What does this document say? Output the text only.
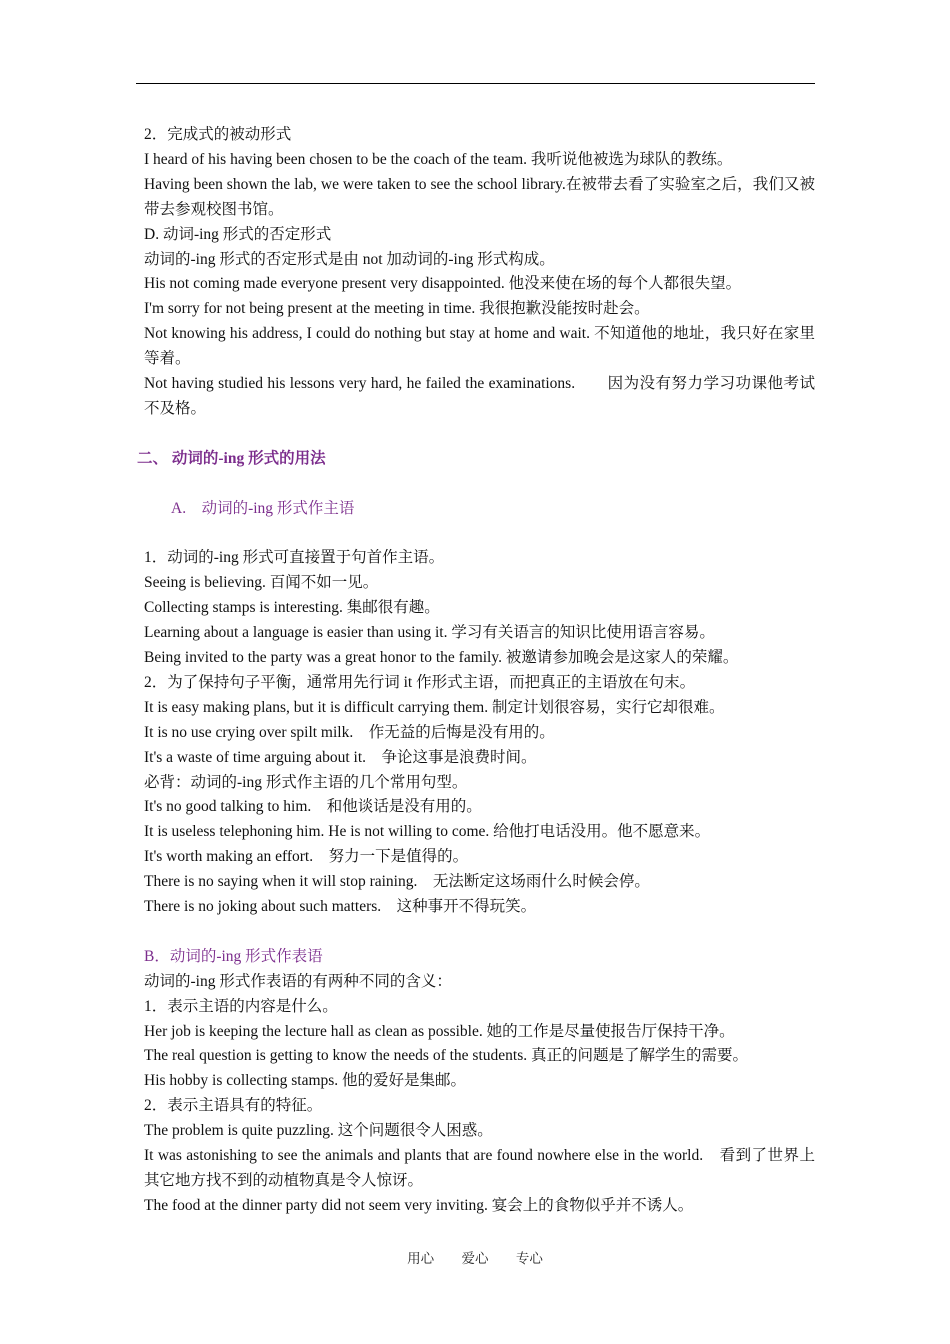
2．完成式的被动形式
I heard of his having been chosen to be the coach of the team. 我听说他被选为球队的教练。
Having been shown the lab, we were taken to see the school library.在被带去看了实验室之后，我们又被带去参观校图书馆。
D. 动词-ing 形式的否定形式
动词的-ing 形式的否定形式是由 not 加动词的-ing 形式构成。
His not coming made everyone present very disappointed. 他没来使在场的每个人都很失望。
I'm sorry for not being present at the meeting in time. 我很抱歉没能按时赴会。
Not knowing his address, I could do nothing but stay at home and wait. 不知道他的地址，我只好在家里等着。
Not having studied his lessons very hard, he failed the examinations.　　因为没有努力学习功课他考试不及格。
二、 动词的-ing 形式的用法
A.　动词的-ing 形式作主语
1．动词的-ing 形式可直接置于句首作主语。
Seeing is believing. 百闻不如一见。
Collecting stamps is interesting. 集邮很有趣。
Learning about a language is easier than using it. 学习有关语言的知识比使用语言容易。
Being invited to the party was a great honor to the family. 被邀请参加晚会是这家人的荣耀。
2．为了保持句子平衡，通常用先行词 it 作形式主语，而把真正的主语放在句末。
It is easy making plans, but it is difficult carrying them. 制定计划很容易，实行它却很难。
It is no use crying over spilt milk.　作无益的后悔是没有用的。
It's a waste of time arguing about it.　争论这事是浪费时间。
必背：动词的-ing 形式作主语的几个常用句型。
It's no good talking to him.　和他谈话是没有用的。
It is useless telephoning him. He is not willing to come. 给他打电话没用。他不愿意来。
It's worth making an effort.　努力一下是值得的。
There is no saying when it will stop raining.　无法断定这场雨什么时候会停。
There is no joking about such matters.　这种事开不得玩笑。
B．动词的-ing 形式作表语
动词的-ing 形式作表语的有两种不同的含义：
1．表示主语的内容是什么。
Her job is keeping the lecture hall as clean as possible. 她的工作是尽量使报告厅保持干净。
The real question is getting to know the needs of the students. 真正的问题是了解学生的需要。
His hobby is collecting stamps. 他的爱好是集邮。
2．表示主语具有的特征。
The problem is quite puzzling. 这个问题很令人困惑。
It was astonishing to see the animals and plants that are found nowhere else in the world.　看到了世界上其它地方找不到的动植物真是令人惊讶。
The food at the dinner party did not seem very inviting. 宴会上的食物似乎并不诱人。
用心 爱心 专心
